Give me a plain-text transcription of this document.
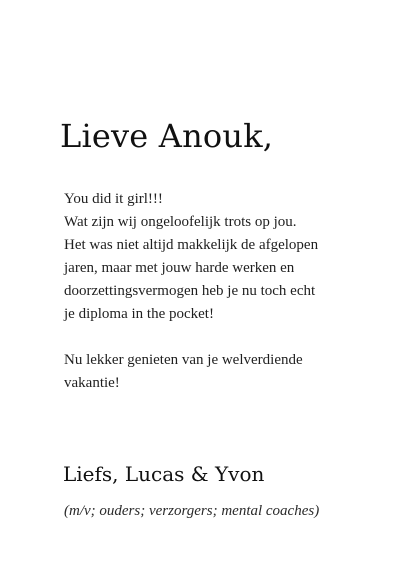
Lieve Anouk,

You did it girl!!!
Wat zijn wij ongeloofelijk trots op jou.
Het was niet altijd makkelijk de afgelopen
jaren, maar met jouw harde werken en
doorzettingsvermogen heb je nu toch echt
je diploma in the pocket!
Nu lekker genieten van je welverdiende
vakantie!

Liefs, Lucas & Yvon

(m/v; ouders; verzorgers; mental coaches)
